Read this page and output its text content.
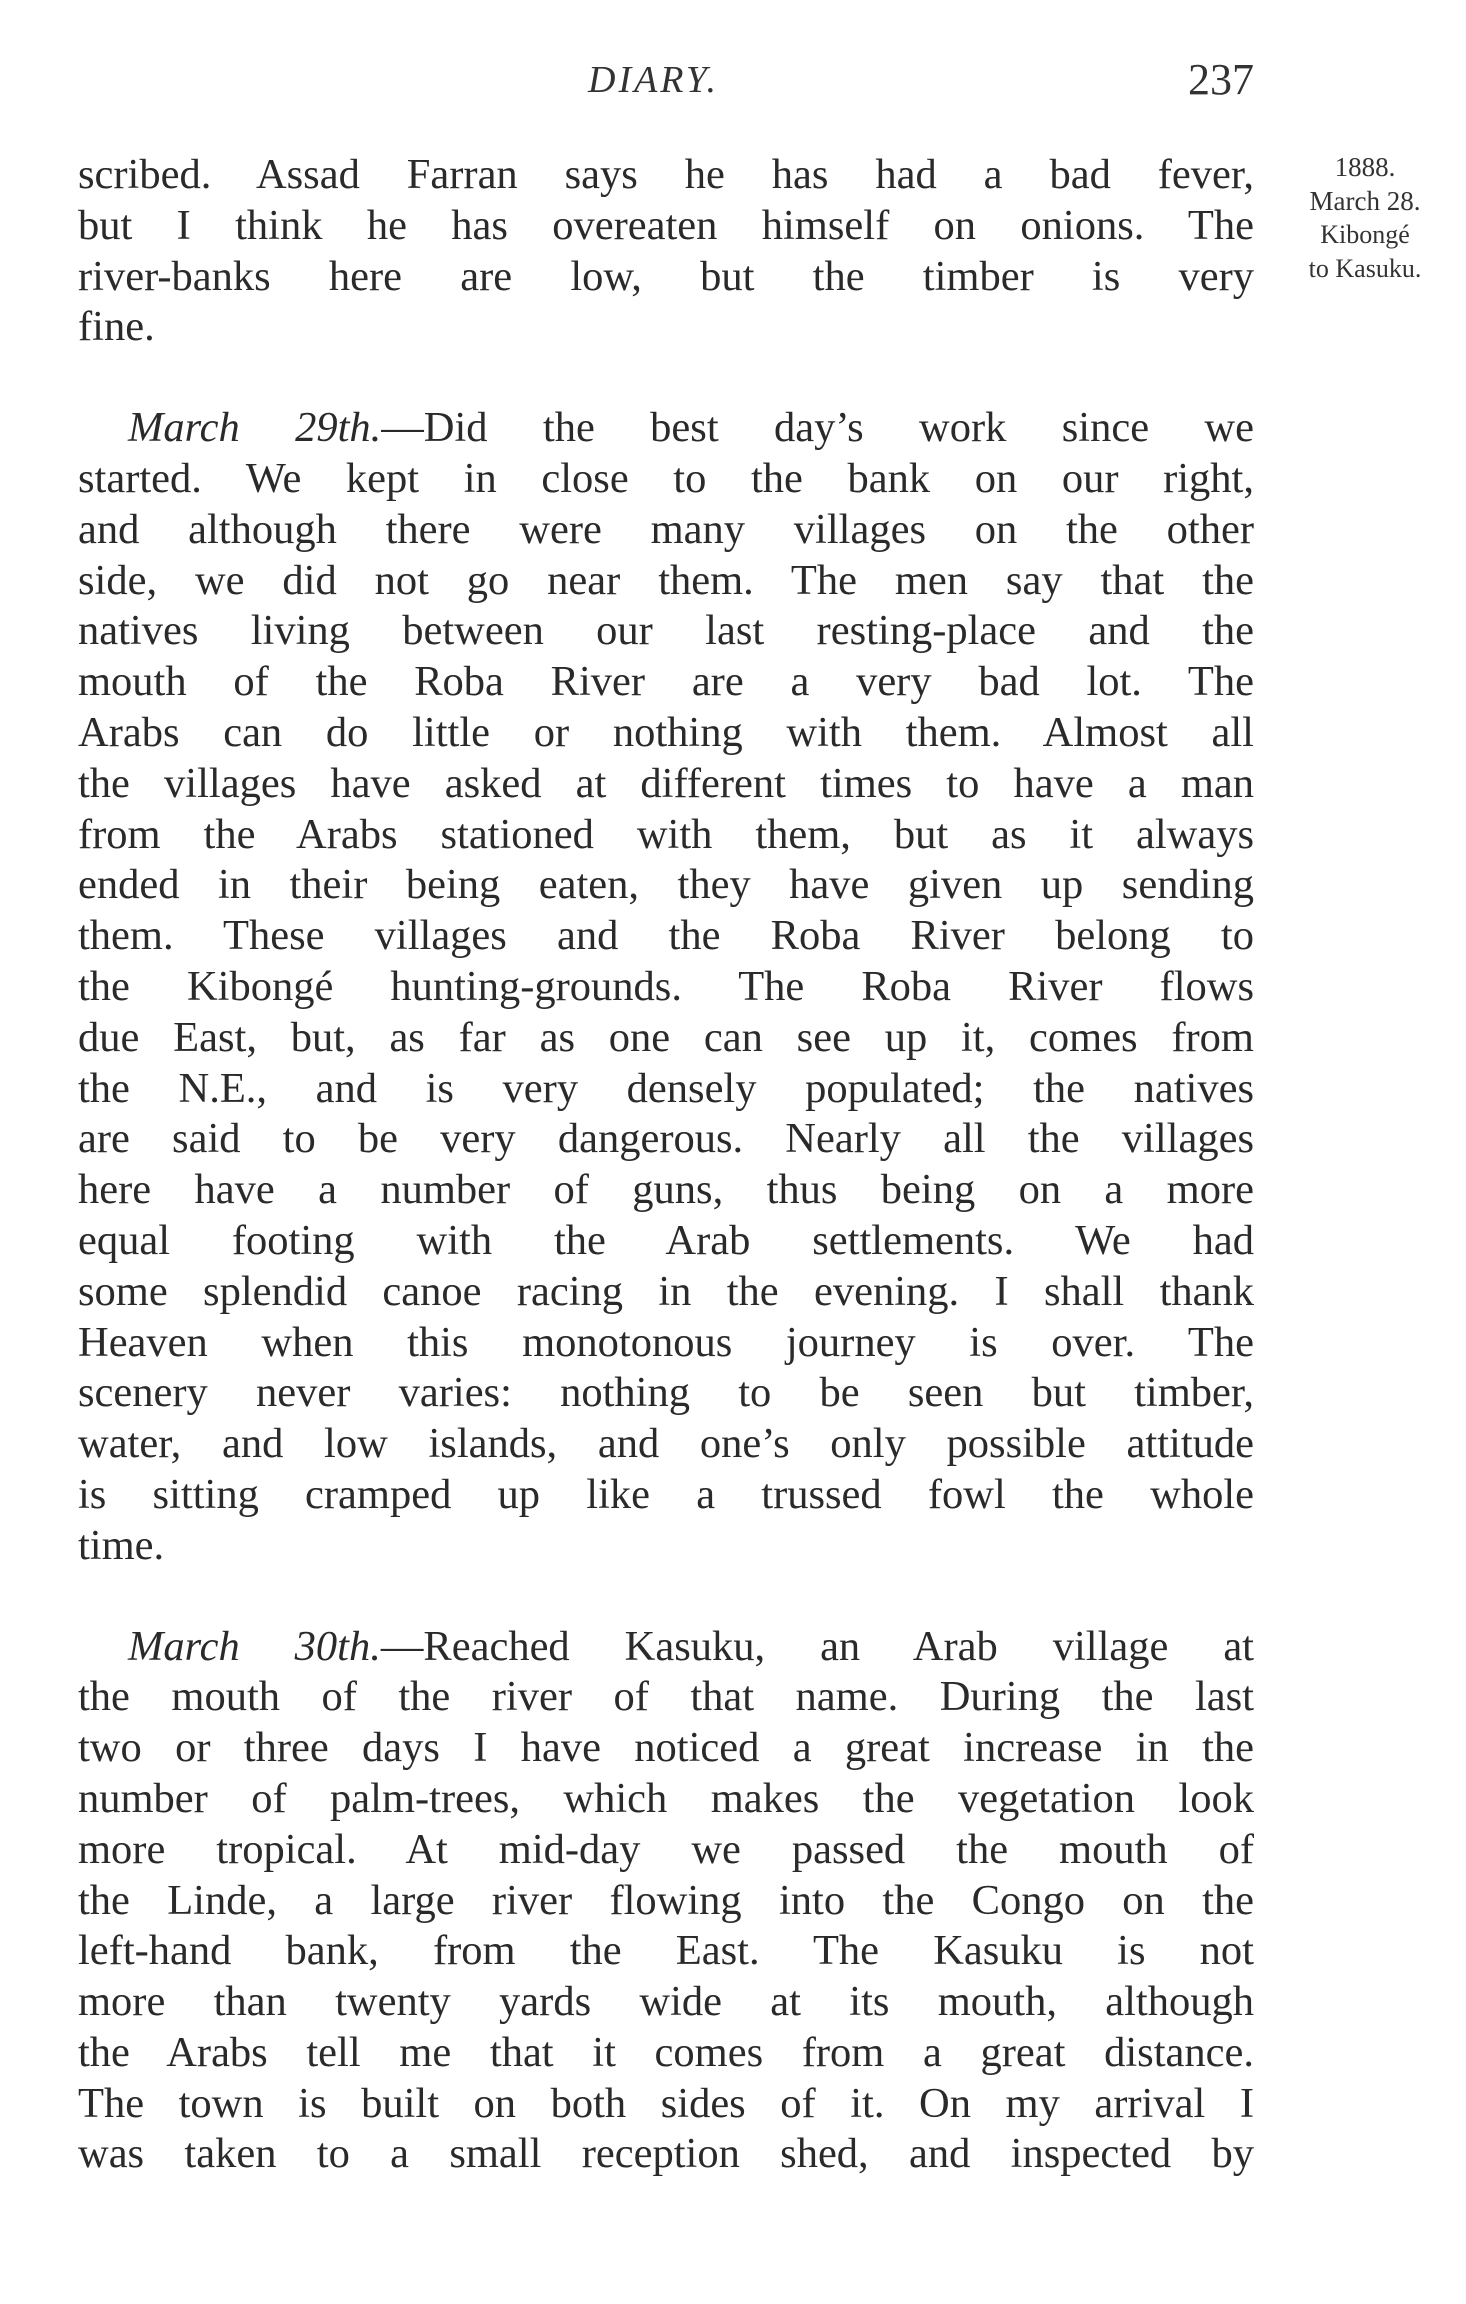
DIARY.	237
1888.
March 28.
Kibongé
to Kasuku.
scribed. Assad Farran says he has had a bad fever,
but I think he has overeaten himself on onions. The
river-banks here are low, but the timber is very
fine.
March 29th.—Did the best day’s work since we
started. We kept in close to the bank on our right,
and although there were many villages on the other
side, we did not go near them. The men say that the
natives living between our last resting-place and the
mouth of the Roba River are a very bad lot. The
Arabs can do little or nothing with them. Almost all
the villages have asked at different times to have a man
from the Arabs stationed with them, but as it always
ended in their being eaten, they have given up sending
them. These villages and the Roba River belong to
the Kibongé hunting-grounds. The Roba River flows
due East, but, as far as one can see up it, comes from
the N.E., and is very densely populated; the natives
are said to be very dangerous. Nearly all the villages
here have a number of guns, thus being on a more
equal footing with the Arab settlements. We had
some splendid canoe racing in the evening. I shall thank
Heaven when this monotonous journey is over. The
scenery never varies: nothing to be seen but timber,
water, and low islands, and one’s only possible attitude
is sitting cramped up like a trussed fowl the whole
time.
March 30th.—Reached Kasuku, an Arab village at
the mouth of the river of that name. During the last
two or three days I have noticed a great increase in the
number of palm-trees, which makes the vegetation look
more tropical. At mid-day we passed the mouth of
the Linde, a large river flowing into the Congo on the
left-hand bank, from the East. The Kasuku is not
more than twenty yards wide at its mouth, although
the Arabs tell me that it comes from a great distance.
The town is built on both sides of it. On my arrival I
was taken to a small reception shed, and inspected by
